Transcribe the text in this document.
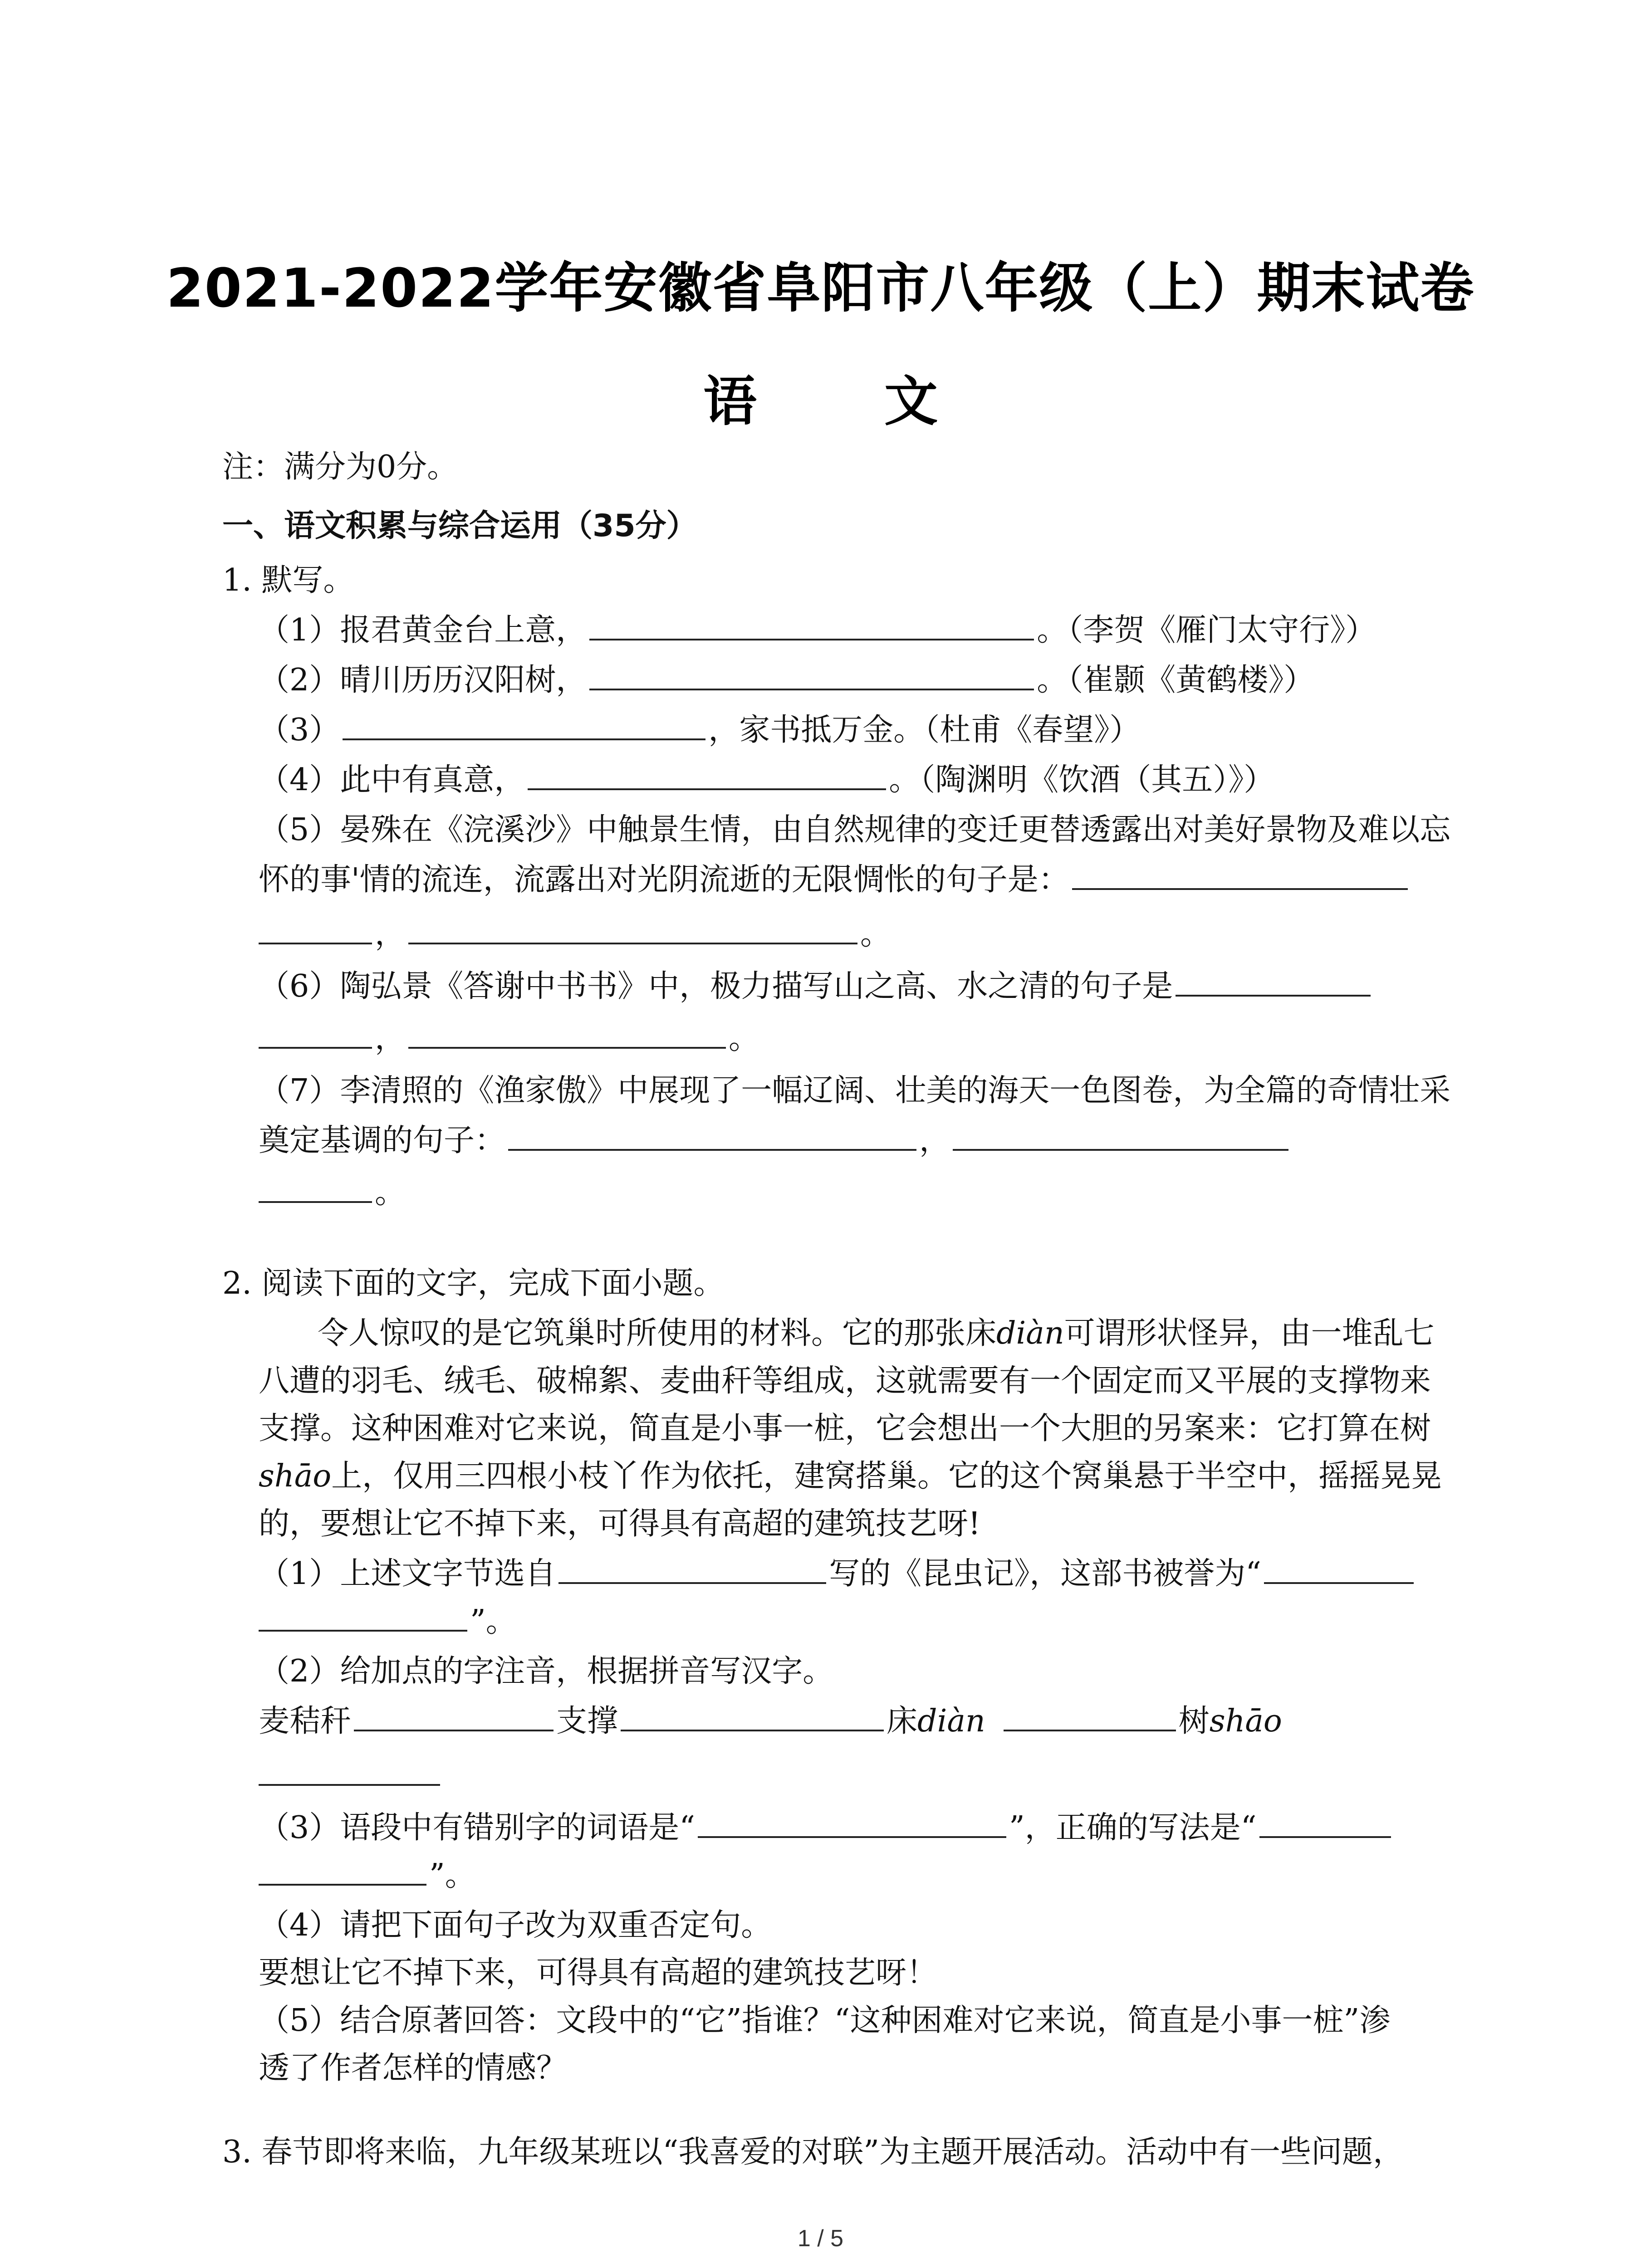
2021-2022学年安徽省阜阳市八年级（上）期末试卷
语 文
注：满分为0分。
一、语文积累与综合运用（35分）
1. 默写。
（1）报君黄金台上意，	。（李贺《雁门太守行》）
（2）晴川历历汉阳树，	。（崔颢《黄鹤楼》）
（3）	，家书抵万金。（杜甫《春望》）
（4）此中有真意，	。（陶渊明《饮酒（其五）》）
（5）晏殊在《浣溪沙》中触景生情，由自然规律的变迁更替透露出对美好景物及难以忘
怀的事'情的流连，流露出对光阴流逝的无限惆怅的句子是：
，	。
（6）陶弘景《答谢中书书》中，极力描写山之高、水之清的句子是
，	。
（7）李清照的《渔家傲》中展现了一幅辽阔、壮美的海天一色图卷，为全篇的奇情壮采
奠定基调的句子：	，
。
2. 阅读下面的文字，完成下面小题。
令人惊叹的是它筑巢时所使用的材料。它的那张床diàn可谓形状怪异，由一堆乱七
八遭的羽毛、绒毛、破棉絮、麦曲秆等组成，这就需要有一个固定而又平展的支撑物来
支撑。这种困难对它来说，简直是小事一桩，它会想出一个大胆的另案来：它打算在树
shāo上，仅用三四根小枝丫作为依托，建窝搭巢。它的这个窝巢悬于半空中，摇摇晃晃
的，要想让它不掉下来，可得具有高超的建筑技艺呀!
（1）上述文字节选自	写的《昆虫记》，这部书被誉为“
”。
（2）给加点的字注音，根据拼音写汉字。
麦秸秆	支撑	床diàn	树shāo
（3）语段中有错别字的词语是“	”，正确的写法是“
”。
（4）请把下面句子改为双重否定句。
要想让它不掉下来，可得具有高超的建筑技艺呀！
（5）结合原著回答：文段中的“它”指谁？“这种困难对它来说，简直是小事一桩”渗
透了作者怎样的情感？
3. 春节即将来临，九年级某班以“我喜爱的对联”为主题开展活动。活动中有一些问题，
1 / 5
